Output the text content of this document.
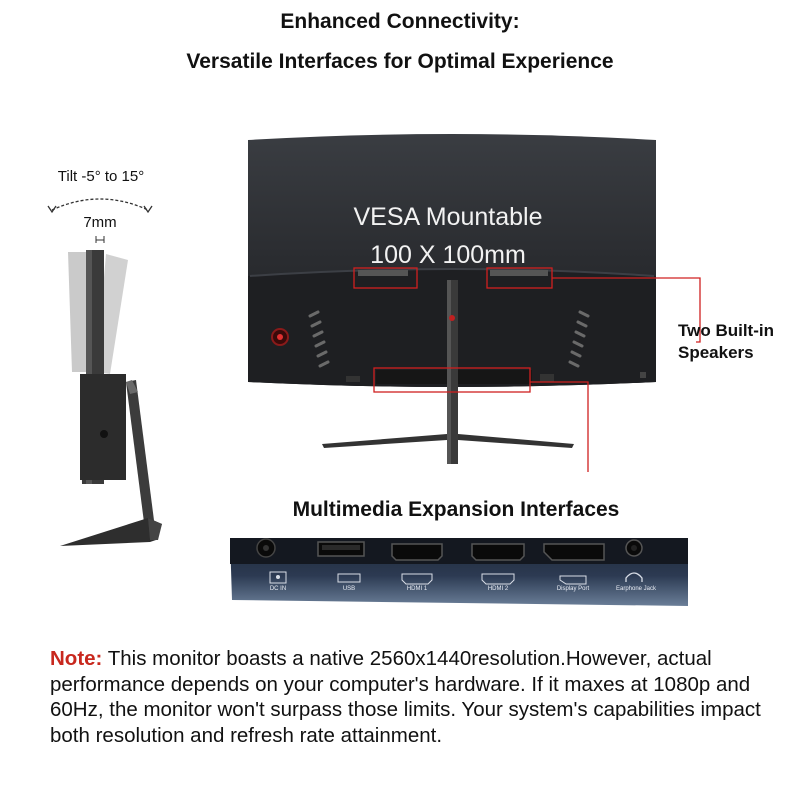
Enhanced Connectivity:
Versatile Interfaces for Optimal Experience
Tilt -5° to 15°
7mm	VESA Mountable
100 X 100mm
Two Built-in Speakers
Multimedia Expansion Interfaces
DC IN	USB	HDMI 1	HDMI 2	Display Port	Earphone Jack
Note: This monitor boasts a native 2560x1440resolution.However, actual performance depends on your computer's hardware. If it maxes at 1080p and 60Hz, the monitor won't surpass those limits. Your system's capabilities impact both resolution and refresh rate attainment.
